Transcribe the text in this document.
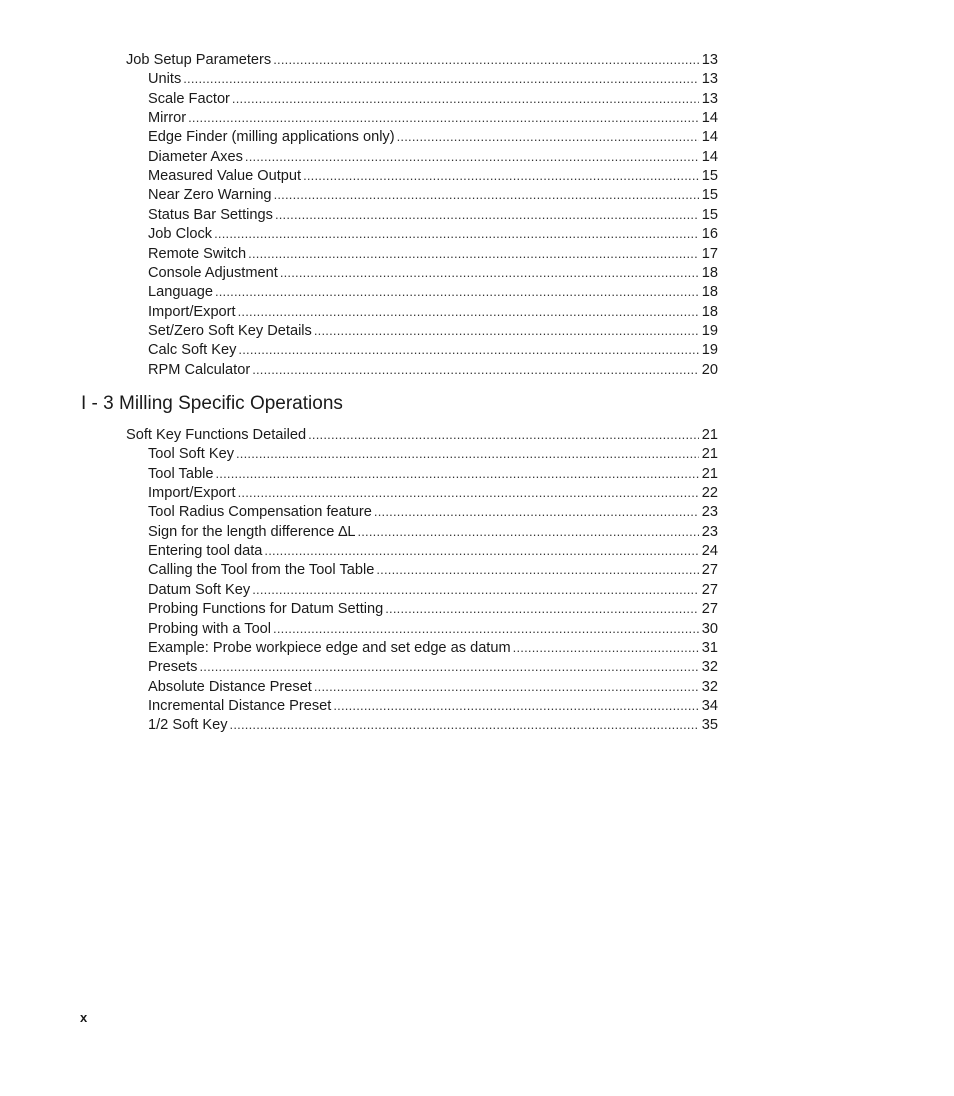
Job Setup Parameters .....	13
Units .....	13
Scale Factor .....	13
Mirror .....	14
Edge Finder (milling applications only) .....	14
Diameter Axes .....	14
Measured Value Output .....	15
Near Zero Warning .....	15
Status Bar Settings .....	15
Job Clock .....	16
Remote Switch .....	17
Console Adjustment .....	18
Language .....	18
Import/Export .....	18
Set/Zero Soft Key Details .....	19
Calc Soft Key .....	19
RPM Calculator .....	20
I - 3 Milling Specific Operations
Soft Key Functions Detailed .....	21
Tool Soft Key .....	21
Tool Table .....	21
Import/Export .....	22
Tool Radius Compensation feature .....	23
Sign for the length difference ∆L .....	23
Entering tool data .....	24
Calling the Tool from the Tool Table .....	27
Datum Soft Key .....	27
Probing Functions for Datum Setting .....	27
Probing with a Tool .....	30
Example: Probe workpiece edge and set edge as datum .....	31
Presets .....	32
Absolute Distance Preset .....	32
Incremental Distance Preset .....	34
1/2 Soft Key .....	35
x
